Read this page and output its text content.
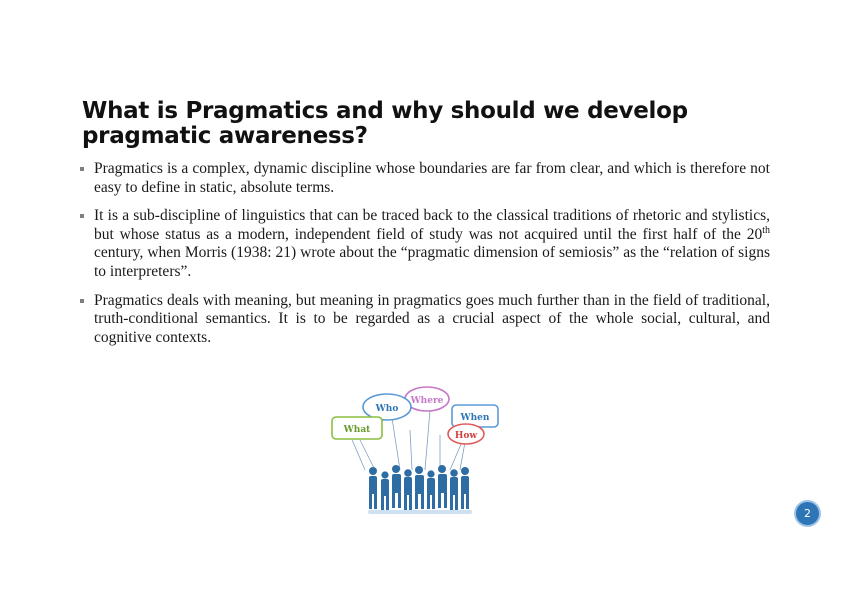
What is Pragmatics and why should we develop pragmatic awareness?
Pragmatics is a complex, dynamic discipline whose boundaries are far from clear, and which is therefore not easy to define in static, absolute terms.
It is a sub-discipline of linguistics that can be traced back to the classical traditions of rhetoric and stylistics, but whose status as a modern, independent field of study was not acquired until the first half of the 20th century, when Morris (1938: 21) wrote about the “pragmatic dimension of semiosis” as the “relation of signs to interpreters”.
Pragmatics deals with meaning, but meaning in pragmatics goes much further than in the field of traditional, truth-conditional semantics. It is to be regarded as a crucial aspect of the whole social, cultural, and cognitive contexts.
Where
Who
When
What
How
2
